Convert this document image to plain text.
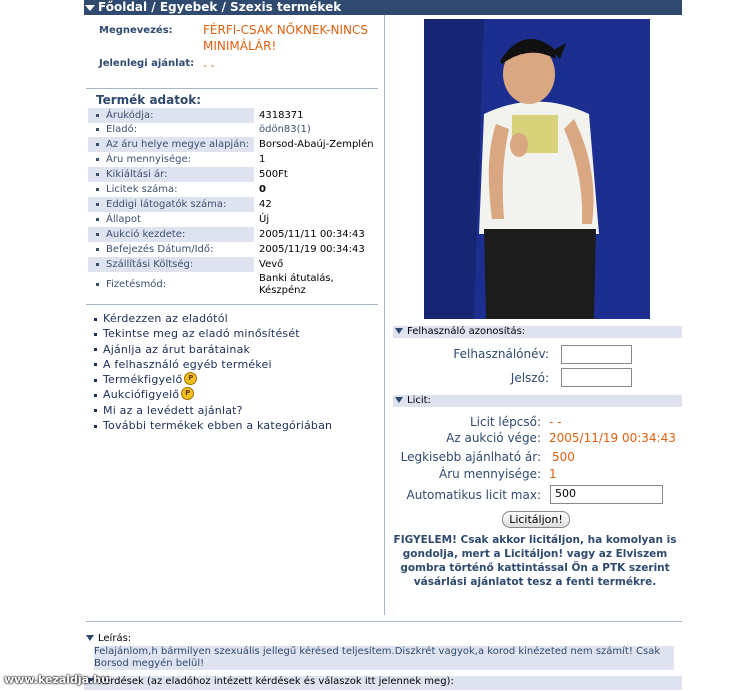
Főoldal / Egyebek / Szexis termékek
Megnevezés:	FÉRFI-CSAK NŐKNEK-NINCS MINIMÁLÁR!
Jelenlegi ajánlat: - -
Termék adatok:
Árukódja:	4318371
Eladó:	ödön83(1)
Az áru helye megye alapján: Borsod-Abaúj-Zemplén
Áru mennyisége:	1
Kikiáltási ár:	500Ft
Licitek száma:	0
Eddigi látogatók száma:	42
Állapot	Új
Aukció kezdete:	2005/11/11 00:34:43
Befejezés Dátum/Idő:	2005/11/19 00:34:43
Szállítási Költség:	Vevő
Fizetésmód:
Banki átutalás, Készpénz
Kérdezzen az eladótól
Tekintse meg az eladó minősítését
Ajánlja az árut barátainak
A felhasználó egyéb termékei
Termékfigyelő P
Aukciófigyelő P
Mi az a levédett ajánlat?
További termékek ebben a kategóriában
Felhasználó azonosítás:
Felhasználónév:
Jelszó:
Licit:
Licit lépcső: - -
Az aukció vége: 2005/11/19 00:34:43
Legkisebb ajánlható ár: 500
Áru mennyisége: 1
Automatikus licit max:	500
Licitáljon!
FIGYELEM! Csak akkor licitáljon, ha komolyan is gondolja, mert a Licitáljon! vagy az Elviszem gombra történő kattintással Ön a PTK szerint vásárlási ajánlatot tesz a fenti termékre.
Leírás:
Felajánlom,h bármilyen szexuális jellegű kérésed teljesítem.Diszkrét vagyok,a korod kinézeted nem számít! Csak Borsod megyén belül!
Kérdések (az eladóhoz intézett kérdések és válaszok itt jelennek meg):
www.kezaldja.hu
